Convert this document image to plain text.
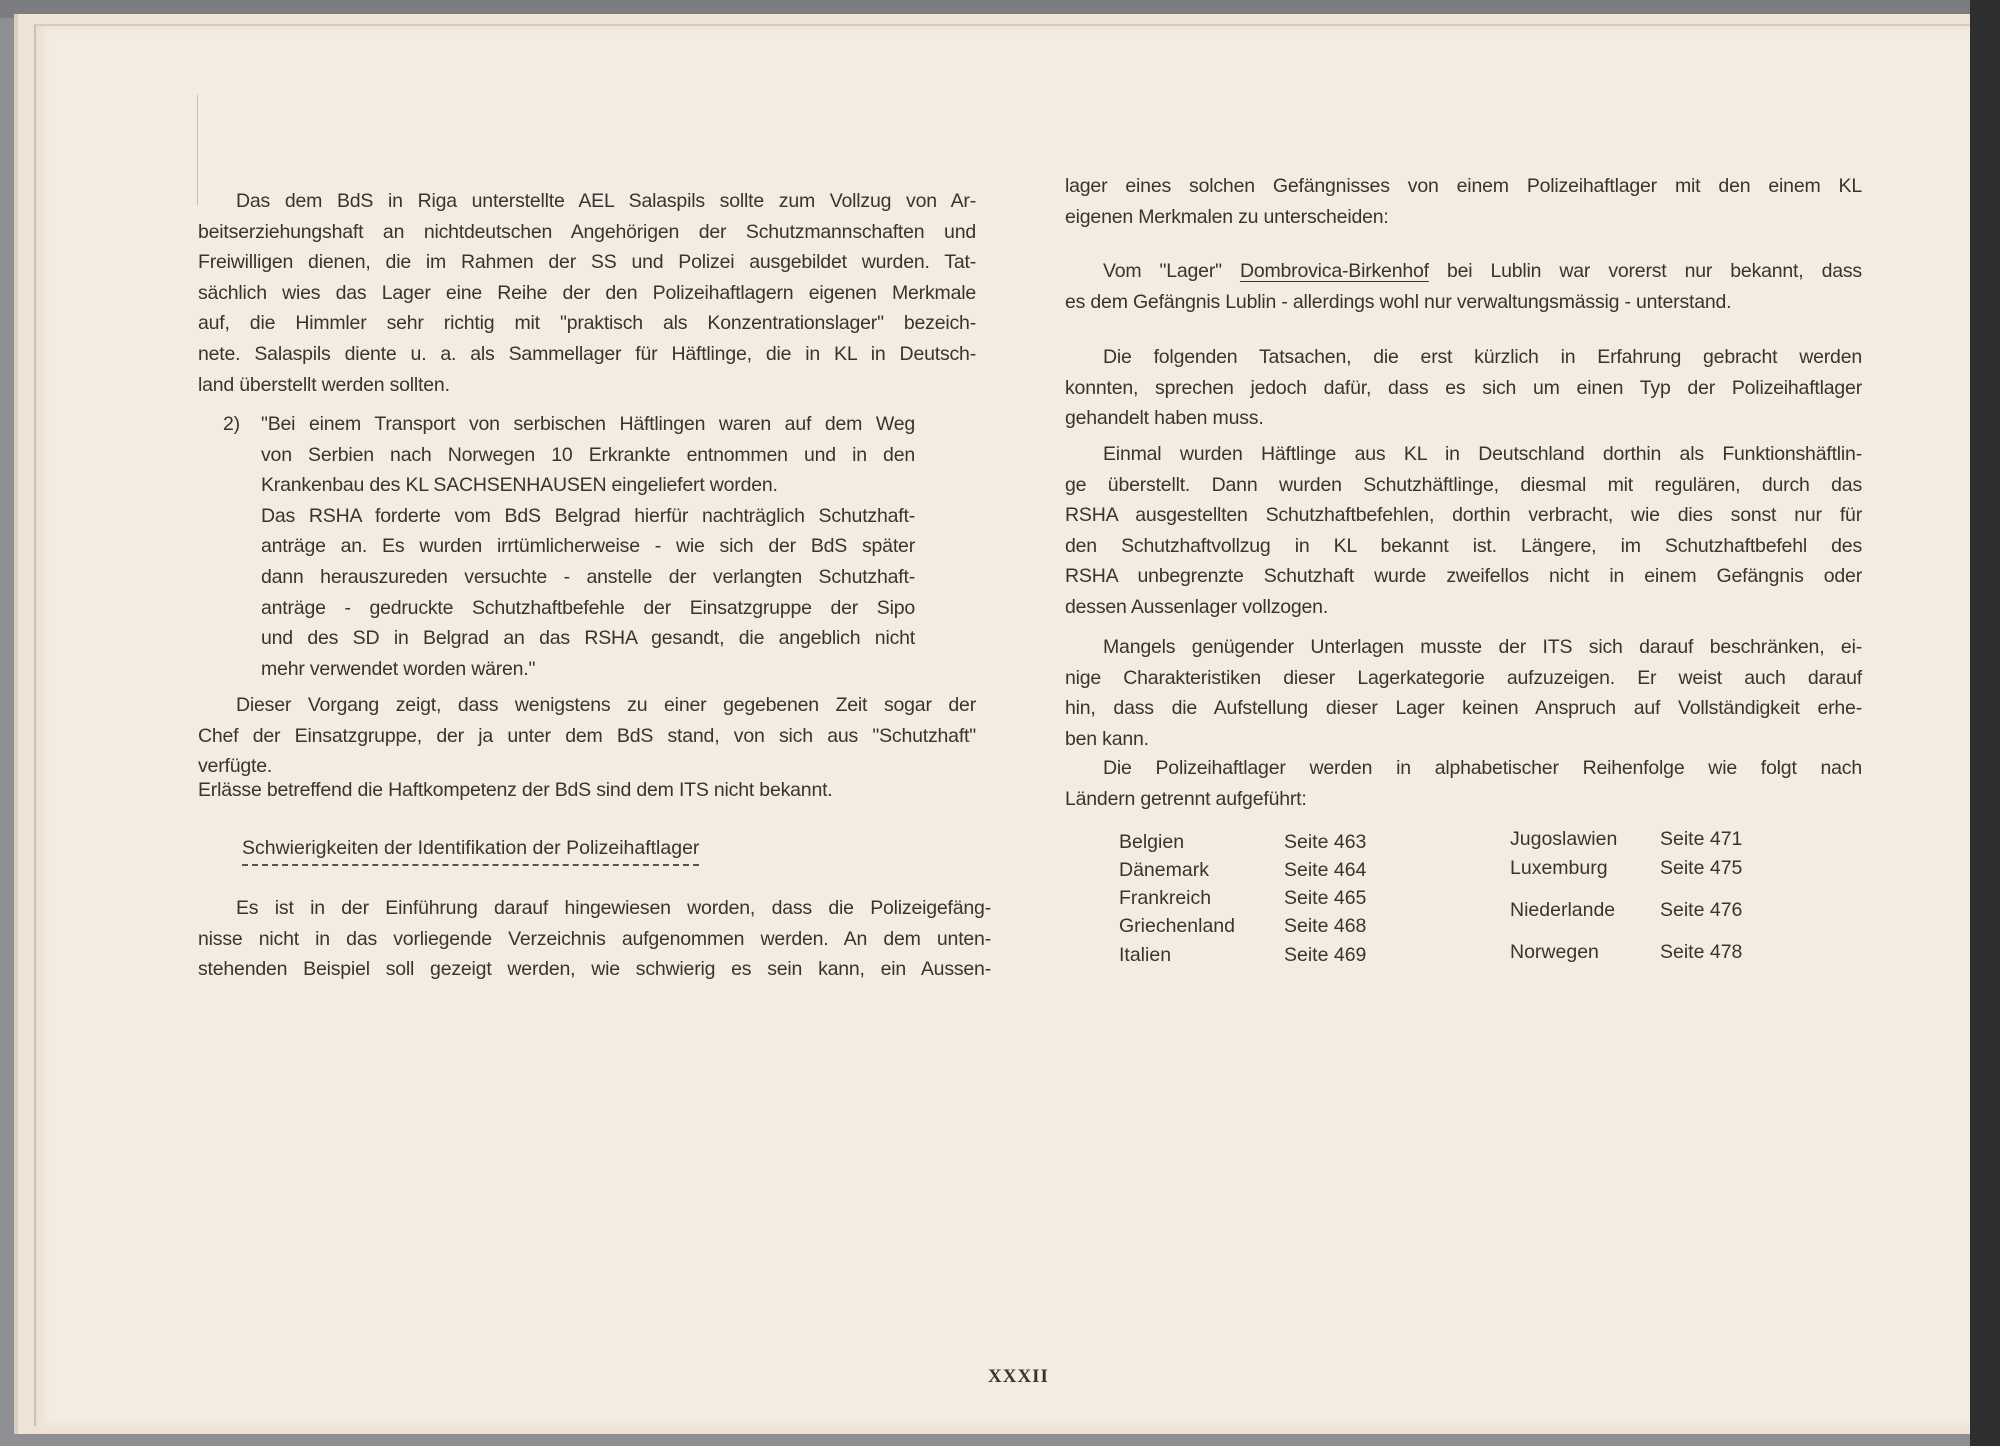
Das dem BdS in Riga unterstellte AEL Salaspils sollte zum Vollzug von Ar-
beitserziehungshaft an nichtdeutschen Angehörigen der Schutzmannschaften und
Freiwilligen dienen, die im Rahmen der SS und Polizei ausgebildet wurden. Tat-
sächlich wies das Lager eine Reihe der den Polizeihaftlagern eigenen Merkmale
auf, die Himmler sehr richtig mit "praktisch als Konzentrationslager" bezeich-
nete. Salaspils diente u. a. als Sammellager für Häftlinge, die in KL in Deutsch-
land überstellt werden sollten.
2) "Bei einem Transport von serbischen Häftlingen waren auf dem Weg
von Serbien nach Norwegen 10 Erkrankte entnommen und in den
Krankenbau des KL SACHSENHAUSEN eingeliefert worden.
Das RSHA forderte vom BdS Belgrad hierfür nachträglich Schutzhaft-
anträge an. Es wurden irrtümlicherweise - wie sich der BdS später
dann herauszureden versuchte - anstelle der verlangten Schutzhaft-
anträge - gedruckte Schutzhaftbefehle der Einsatzgruppe der Sipo
und des SD in Belgrad an das RSHA gesandt, die angeblich nicht
mehr verwendet worden wären."
Dieser Vorgang zeigt, dass wenigstens zu einer gegebenen Zeit sogar der
Chef der Einsatzgruppe, der ja unter dem BdS stand, von sich aus "Schutzhaft"
verfügte.
Erlässe betreffend die Haftkompetenz der BdS sind dem ITS nicht bekannt.
Schwierigkeiten der Identifikation der Polizeihaftlager
Es ist in der Einführung darauf hingewiesen worden, dass die Polizeigefäng-
nisse nicht in das vorliegende Verzeichnis aufgenommen werden. An dem unten-
stehenden Beispiel soll gezeigt werden, wie schwierig es sein kann, ein Aussen-
lager eines solchen Gefängnisses von einem Polizeihaftlager mit den einem KL
eigenen Merkmalen zu unterscheiden:
Vom "Lager" Dombrovica-Birkenhof bei Lublin war vorerst nur bekannt, dass
es dem Gefängnis Lublin - allerdings wohl nur verwaltungsmässig - unterstand.
Die folgenden Tatsachen, die erst kürzlich in Erfahrung gebracht werden
konnten, sprechen jedoch dafür, dass es sich um einen Typ der Polizeihaftlager
gehandelt haben muss.
Einmal wurden Häftlinge aus KL in Deutschland dorthin als Funktionshäftlin-
ge überstellt. Dann wurden Schutzhäftlinge, diesmal mit regulären, durch das
RSHA ausgestellten Schutzhaftbefehlen, dorthin verbracht, wie dies sonst nur für
den Schutzhaftvollzug in KL bekannt ist. Längere, im Schutzhaftbefehl des
RSHA unbegrenzte Schutzhaft wurde zweifellos nicht in einem Gefängnis oder
dessen Aussenlager vollzogen.
Mangels genügender Unterlagen musste der ITS sich darauf beschränken, ei-
nige Charakteristiken dieser Lagerkategorie aufzuzeigen. Er weist auch darauf
hin, dass die Aufstellung dieser Lager keinen Anspruch auf Vollständigkeit erhe-
ben kann.
Die Polizeihaftlager werden in alphabetischer Reihenfolge wie folgt nach
Ländern getrennt aufgeführt:
Belgien	Seite 463
Dänemark	Seite 464
Frankreich	Seite 465
Griechenland	Seite 468
Italien	Seite 469
Jugoslawien Seite 471
Luxemburg	Seite 475
Niederlande Seite 476
Norwegen	Seite 478
XXXII
